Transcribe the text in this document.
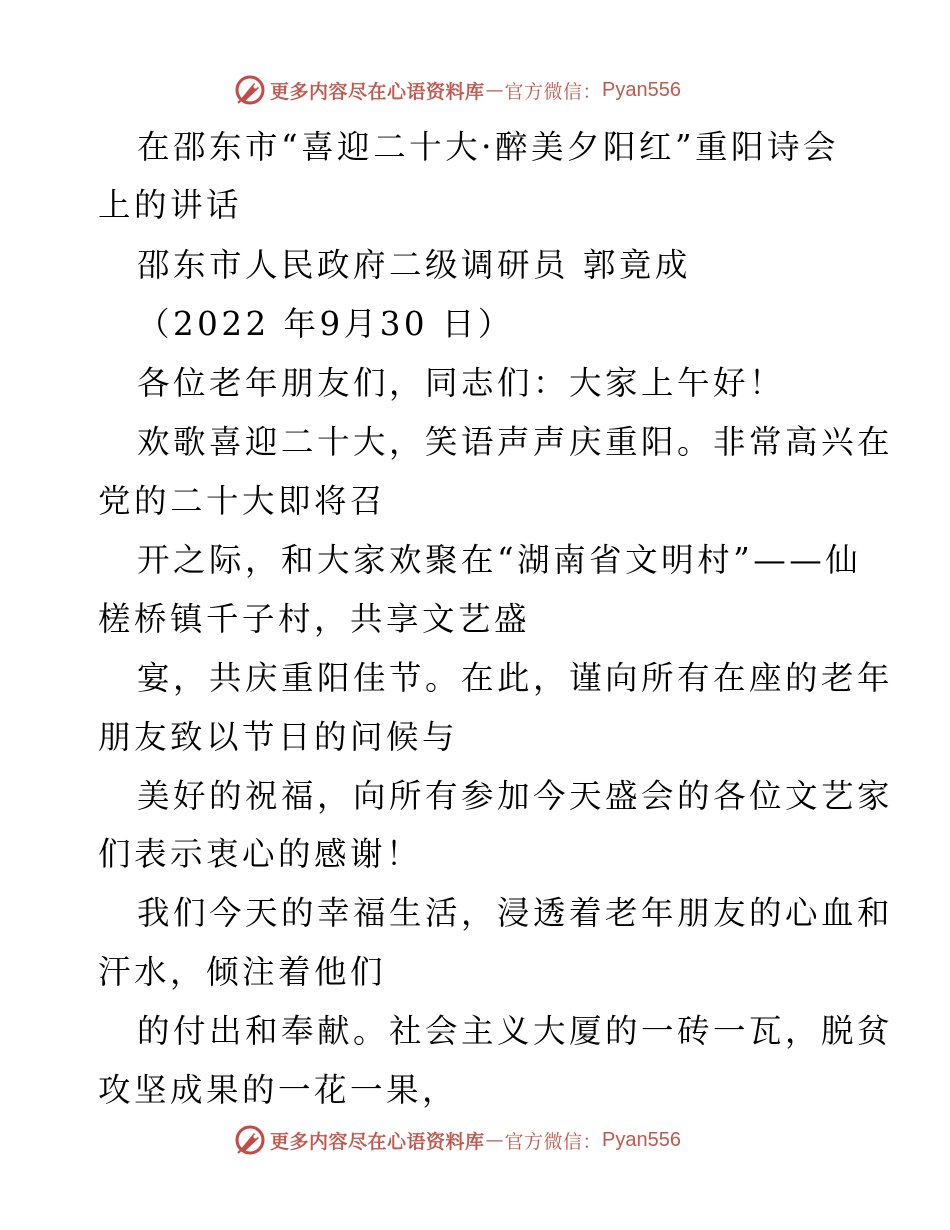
更多内容尽在心语资料库 — 官方微信： Pyan556
在邵东市“喜迎二十大·醉美夕阳红”重阳诗会
上的讲话
邵东市人民政府二级调研员 郭竟成
（2022 年9月30 日）
各位老年朋友们，同志们：大家上午好！
欢歌喜迎二十大，笑语声声庆重阳。非常高兴在
党的二十大即将召
开之际，和大家欢聚在“湖南省文明村”——仙
槎桥镇千子村，共享文艺盛
宴，共庆重阳佳节。在此，谨向所有在座的老年
朋友致以节日的问候与
美好的祝福，向所有参加今天盛会的各位文艺家
们表示衷心的感谢！
我们今天的幸福生活，浸透着老年朋友的心血和
汗水，倾注着他们
的付出和奉献。社会主义大厦的一砖一瓦，脱贫
攻坚成果的一花一果，
更多内容尽在心语资料库 — 官方微信： Pyan556
